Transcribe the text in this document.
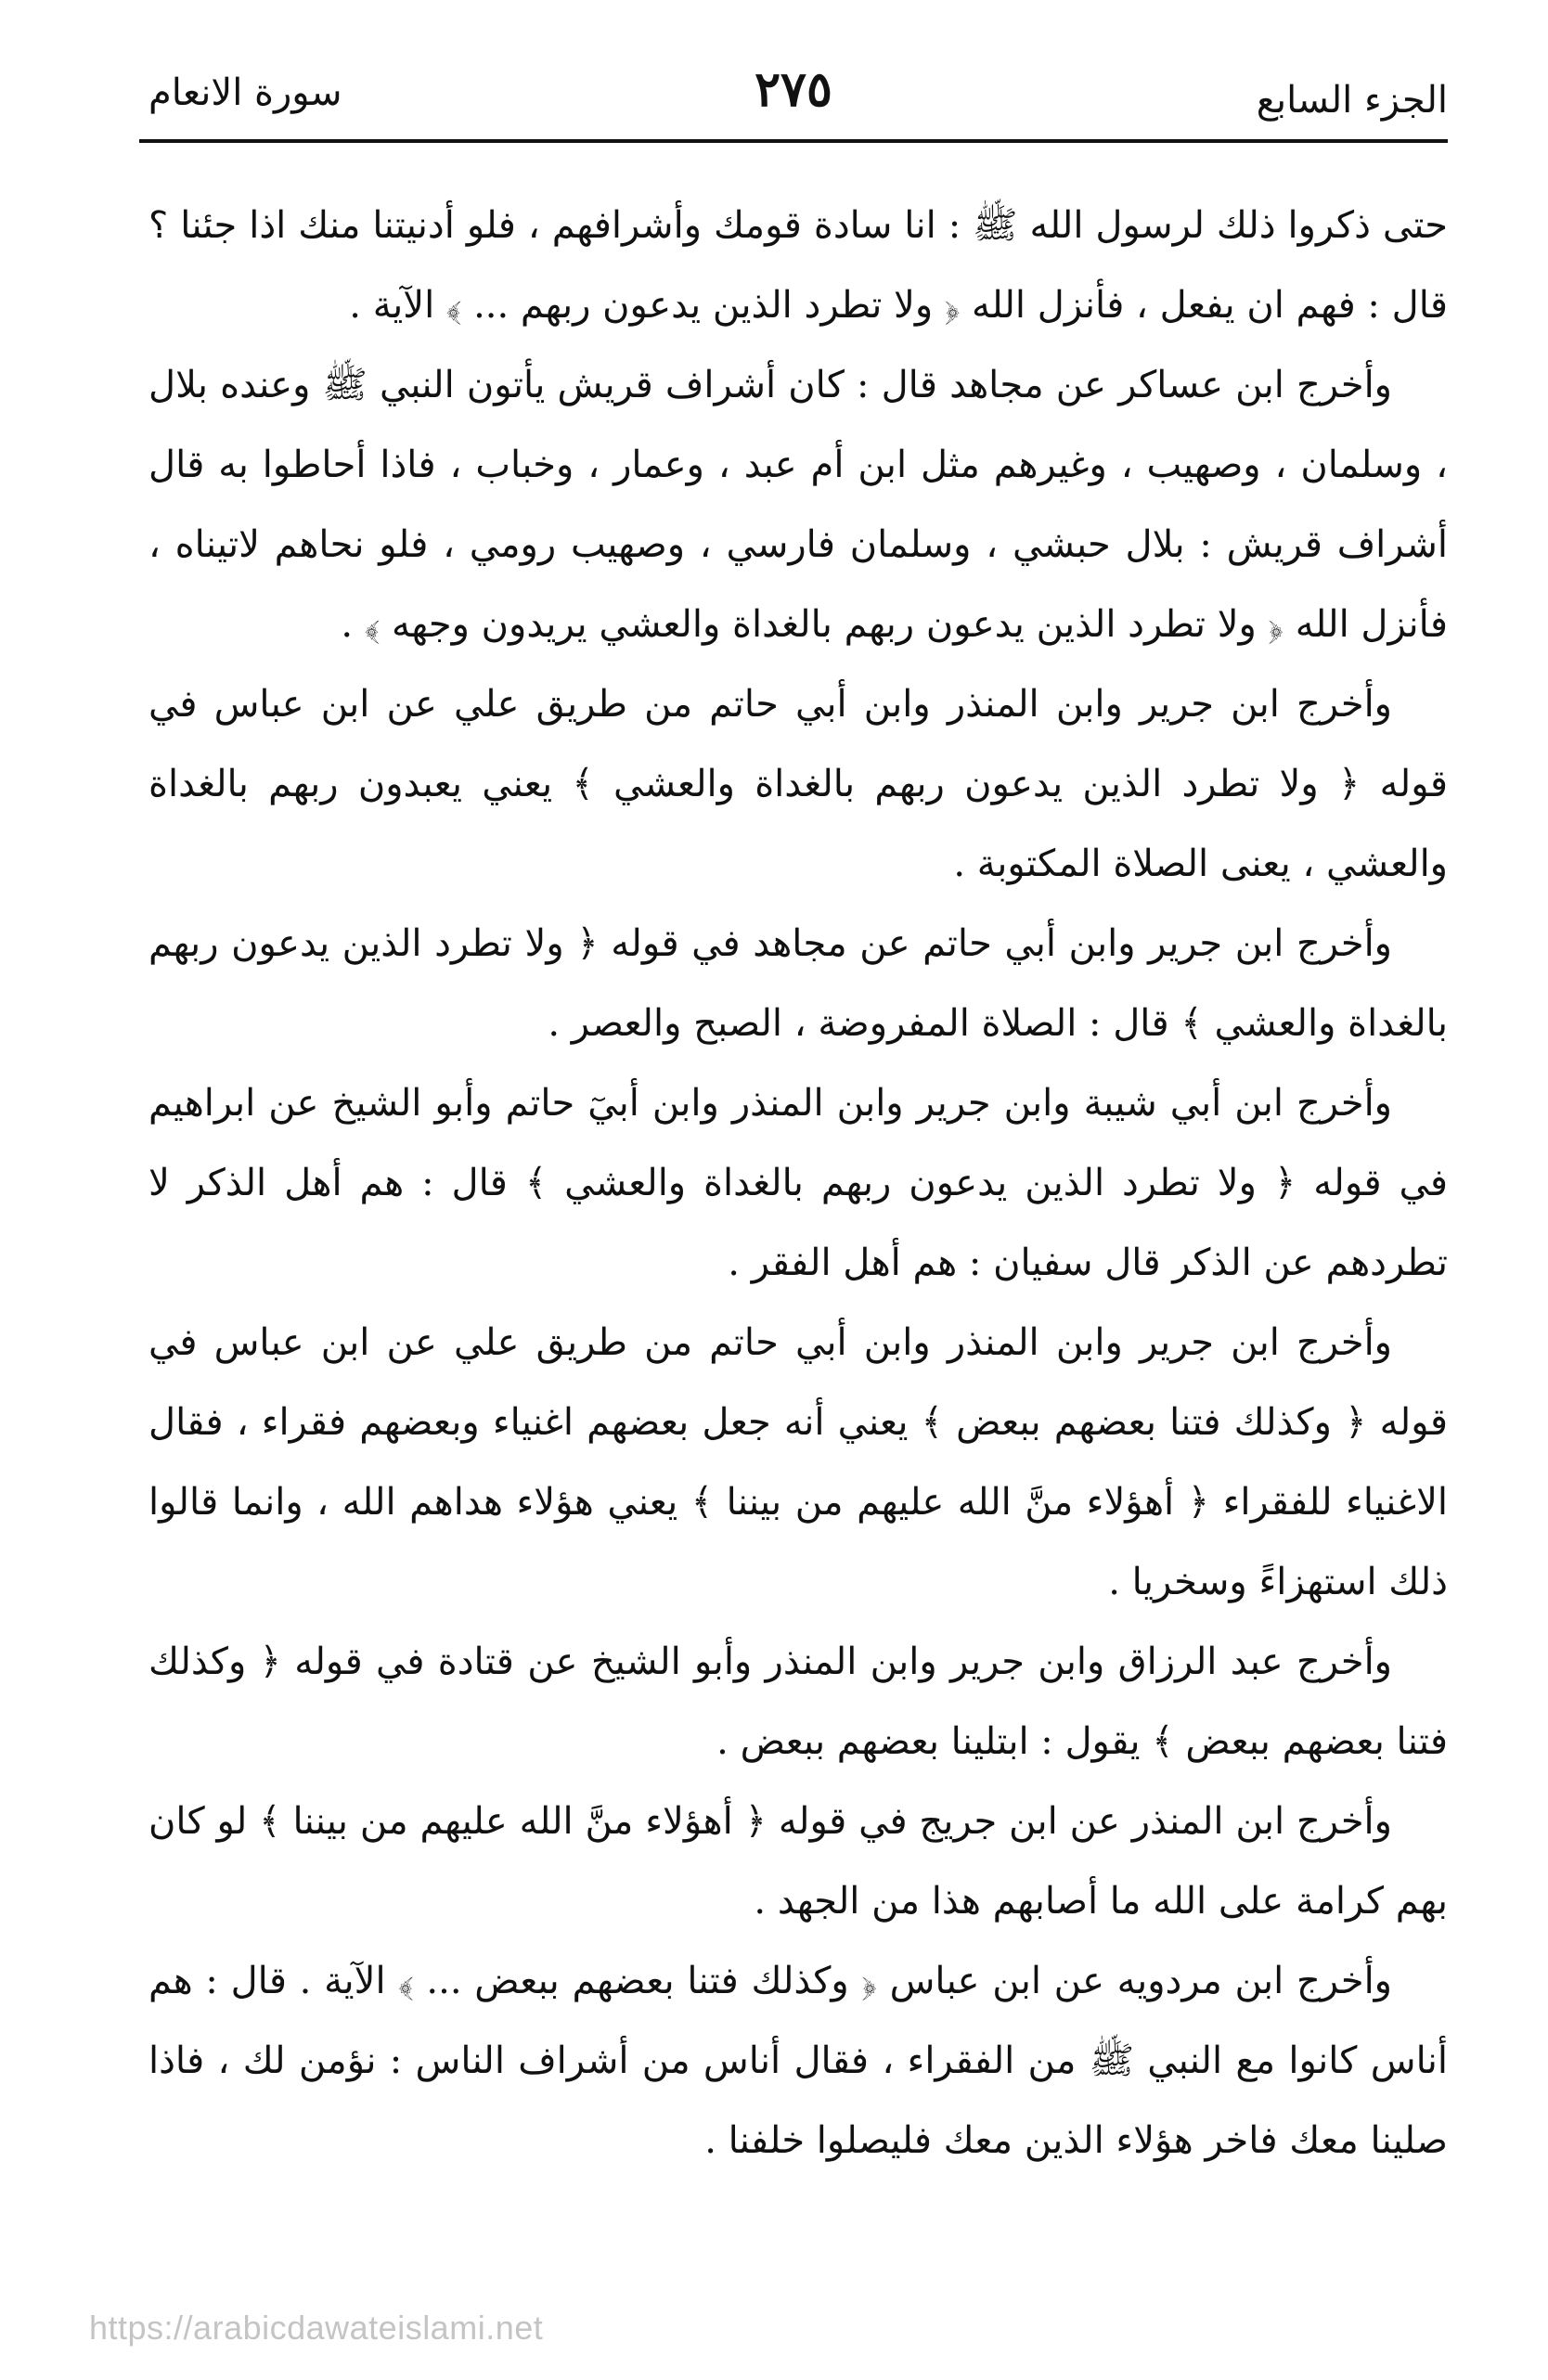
الجزء السابع
٢٧٥
سورة الانعام

حتى ذكروا ذلك لرسول الله ﷺ : انا سادة قومك وأشرافهم ، فلو أدنيتنا منك اذا جئنا ؟ قال : فهم ان يفعل ، فأنزل الله ﴿ ولا تطرد الذين يدعون ربهم ... ﴾ الآية .

وأخرج ابن عساكر عن مجاهد قال : كان أشراف قريش يأتون النبي ﷺ وعنده بلال ، وسلمان ، وصهيب ، وغيرهم مثل ابن أم عبد ، وعمار ، وخباب ، فاذا أحاطوا به قال أشراف قريش : بلال حبشي ، وسلمان فارسي ، وصهيب رومي ، فلو نحاهم لاتيناه ، فأنزل الله ﴿ ولا تطرد الذين يدعون ربهم بالغداة والعشي يريدون وجهه ﴾ .

وأخرج ابن جرير وابن المنذر وابن أبي حاتم من طريق علي عن ابن عباس في قوله ﴿ ولا تطرد الذين يدعون ربهم بالغداة والعشي ﴾ يعني يعبدون ربهم بالغداة والعشي ، يعنى الصلاة المكتوبة .

وأخرج ابن جرير وابن أبي حاتم عن مجاهد في قوله ﴿ ولا تطرد الذين يدعون ربهم بالغداة والعشي ﴾ قال : الصلاة المفروضة ، الصبح والعصر .

وأخرج ابن أبي شيبة وابن جرير وابن المنذر وابن أبيٓ حاتم وأبو الشيخ عن ابراهيم في قوله ﴿ ولا تطرد الذين يدعون ربهم بالغداة والعشي ﴾ قال : هم أهل الذكر لا تطردهم عن الذكر قال سفيان : هم أهل الفقر .

وأخرج ابن جرير وابن المنذر وابن أبي حاتم من طريق علي عن ابن عباس في قوله ﴿ وكذلك فتنا بعضهم ببعض ﴾ يعني أنه جعل بعضهم اغنياء وبعضهم فقراء ، فقال الاغنياء للفقراء ﴿ أهؤلاء منَّ الله عليهم من بيننا ﴾ يعني هؤلاء هداهم الله ، وانما قالوا ذلك استهزاءً وسخريا .

وأخرج عبد الرزاق وابن جرير وابن المنذر وأبو الشيخ عن قتادة في قوله ﴿ وكذلك فتنا بعضهم ببعض ﴾ يقول : ابتلينا بعضهم ببعض .

وأخرج ابن المنذر عن ابن جريج في قوله ﴿ أهؤلاء منَّ الله عليهم من بيننا ﴾ لو كان بهم كرامة على الله ما أصابهم هذا من الجهد .

وأخرج ابن مردويه عن ابن عباس ﴿ وكذلك فتنا بعضهم ببعض ... ﴾ الآية . قال : هم أناس كانوا مع النبي ﷺ من الفقراء ، فقال أناس من أشراف الناس : نؤمن لك ، فاذا صلينا معك فاخر هؤلاء الذين معك فليصلوا خلفنا .

https://arabicdawateislami.net
